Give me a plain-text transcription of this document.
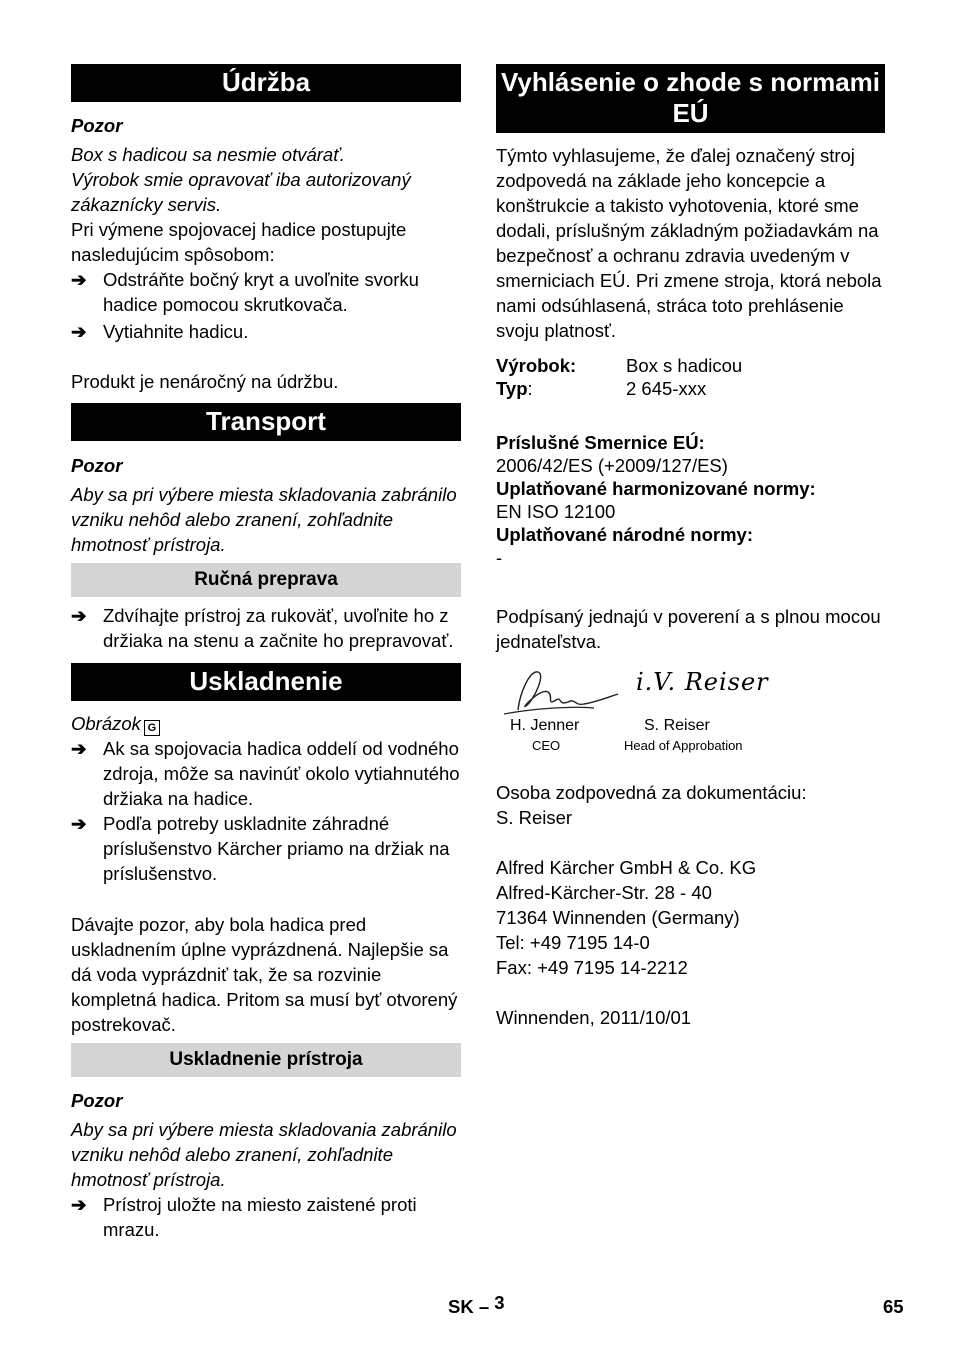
Údržba

Pozor

Box s hadicou sa nesmie otvárať.

Výrobok smie opravovať iba autorizovaný zákaznícky servis.

Pri výmene spojovacej hadice postupujte nasledujúcim spôsobom:

➔ Odstráňte bočný kryt a uvoľnite svorku hadice pomocou skrutkovača.

➔ Vytiahnite hadicu.

Produkt je nenáročný na údržbu.

Transport

Pozor

Aby sa pri výbere miesta skladovania zabránilo vzniku nehôd alebo zranení, zohľadnite hmotnosť prístroja.

Ručná preprava

➔ Zdvíhajte prístroj za rukoväť, uvoľnite ho z držiaka na stenu a začnite ho prepravovať.

Uskladnenie

Obrázok G

➔ Ak sa spojovacia hadica oddelí od vodného zdroja, môže sa navinúť okolo vytiahnutého držiaka na hadice.

➔ Podľa potreby uskladnite záhradné príslušenstvo Kärcher priamo na držiak na príslušenstvo.

Dávajte pozor, aby bola hadica pred uskladnením úplne vyprázdnená. Najlepšie sa dá voda vyprázdniť tak, že sa rozvinie kompletná hadica. Pritom sa musí byť otvorený postrekovač.

Uskladnenie prístroja

Pozor

Aby sa pri výbere miesta skladovania zabránilo vzniku nehôd alebo zranení, zohľadnite hmotnosť prístroja.

➔ Prístroj uložte na miesto zaistené proti mrazu.

Vyhlásenie o zhode s normami EÚ

Týmto vyhlasujeme, že ďalej označený stroj zodpovedá na základe jeho koncepcie a konštrukcie a takisto vyhotovenia, ktoré sme dodali, príslušným základným požiadavkám na bezpečnosť a ochranu zdravia uvedeným v smerniciach EÚ. Pri zmene stroja, ktorá nebola nami odsúhlasená, stráca toto prehlásenie svoju platnosť.

Výrobok:	Box s hadicou

Typ:	2 645-xxx

Príslušné Smernice EÚ:

2006/42/ES (+2009/127/ES)

Uplatňované harmonizované normy:

EN ISO 12100

Uplatňované národné normy:

-

Podpísaný jednajú v poverení a s plnou mocou jednateľstva.

i.V. Reiser

H. Jenner

CEO

S. Reiser

Head of Approbation

Osoba zodpovedná za dokumentáciu:

S. Reiser

Alfred Kärcher GmbH & Co. KG

Alfred-Kärcher-Str. 28 - 40

71364 Winnenden (Germany)

Tel: +49 7195 14-0

Fax: +49 7195 14-2212

Winnenden, 2011/10/01

SK – 3	65
